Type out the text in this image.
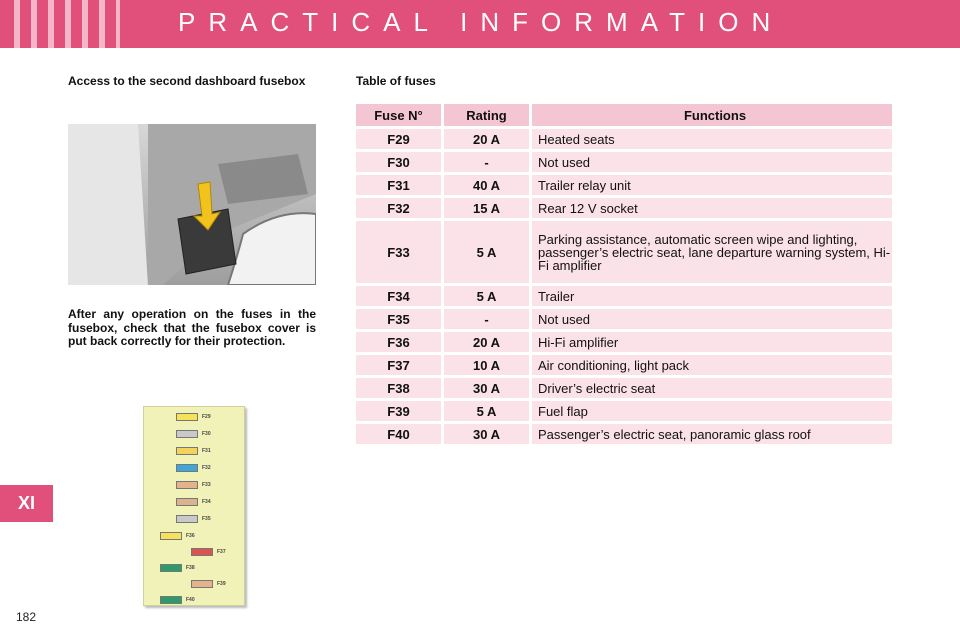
PRACTICAL INFORMATION
XI
182
Access to the second dashboard fusebox
After any operation on the fuses in the fusebox, check that the fusebox cover is put back correctly for their protection.
F29
F30
F31
F32
F33
F34
F35
F36
F37
F38
F39
F40
Table of fuses
Fuse N°	Rating	Functions
F29	20 A	Heated seats
F30	-	Not used
F31	40 A	Trailer relay unit
F32	15 A	Rear 12 V socket
F33	5 A	Parking assistance, automatic screen wipe and lighting, passenger’s electric seat, lane departure warning system, Hi-Fi amplifier
F34	5 A	Trailer
F35	-	Not used
F36	20 A	Hi-Fi amplifier
F37	10 A	Air conditioning, light pack
F38	30 A	Driver’s electric seat
F39	5 A	Fuel flap
F40	30 A	Passenger’s electric seat, panoramic glass roof
